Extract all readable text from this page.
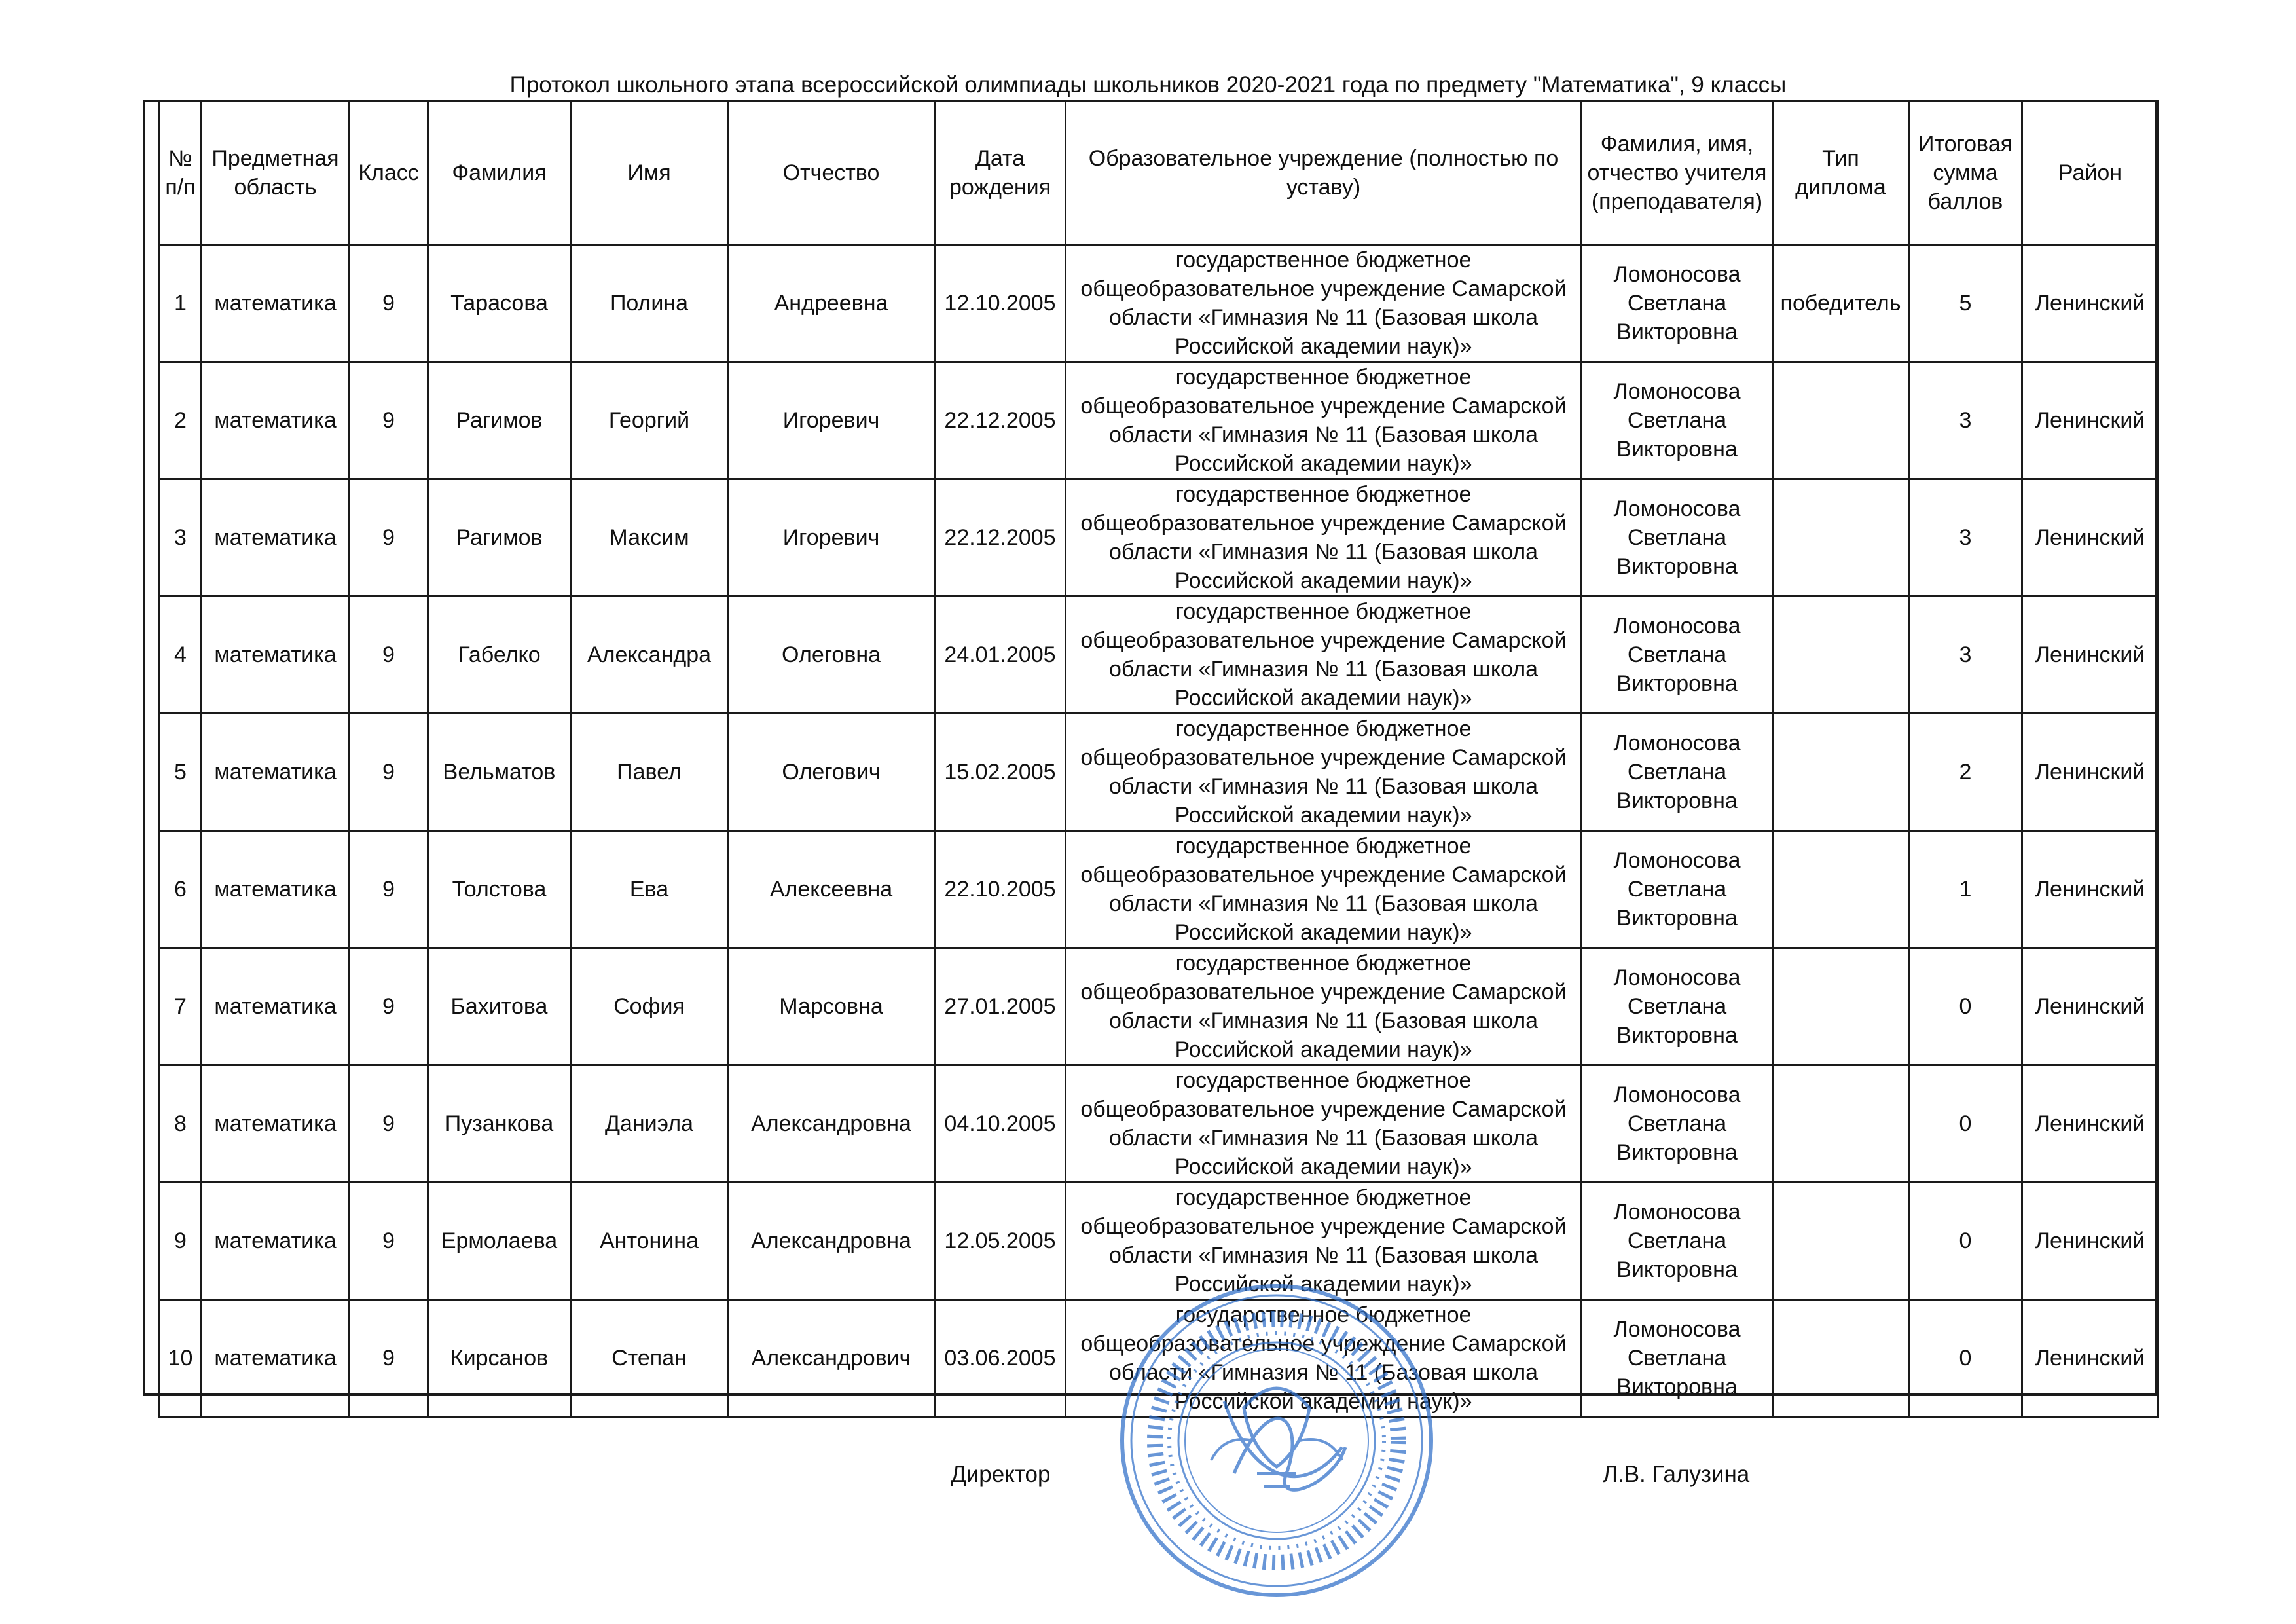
Протокол школьного этапа всероссийской олимпиады школьников 2020-2021 года по предмету "Математика", 9 классы
№ п/п	Предметная область	Класс	Фамилия	Имя	Отчество	Дата рождения	Образовательное учреждение (полностью по уставу)	Фамилия, имя, отчество учителя (преподавателя)	Тип диплома	Итоговая сумма баллов	Район
1	математика	9	Тарасова	Полина	Андреевна	12.10.2005	государственное бюджетное общеобразовательное учреждение Самарской области «Гимназия № 11 (Базовая школа Российской академии наук)»	Ломоносова Светлана Викторовна	победитель	5	Ленинский
2	математика	9	Рагимов	Георгий	Игоревич	22.12.2005	государственное бюджетное общеобразовательное учреждение Самарской области «Гимназия № 11 (Базовая школа Российской академии наук)»	Ломоносова Светлана Викторовна		3	Ленинский
3	математика	9	Рагимов	Максим	Игоревич	22.12.2005	государственное бюджетное общеобразовательное учреждение Самарской области «Гимназия № 11 (Базовая школа Российской академии наук)»	Ломоносова Светлана Викторовна		3	Ленинский
4	математика	9	Габелко	Александра	Олеговна	24.01.2005	государственное бюджетное общеобразовательное учреждение Самарской области «Гимназия № 11 (Базовая школа Российской академии наук)»	Ломоносова Светлана Викторовна		3	Ленинский
5	математика	9	Вельматов	Павел	Олегович	15.02.2005	государственное бюджетное общеобразовательное учреждение Самарской области «Гимназия № 11 (Базовая школа Российской академии наук)»	Ломоносова Светлана Викторовна		2	Ленинский
6	математика	9	Толстова	Ева	Алексеевна	22.10.2005	государственное бюджетное общеобразовательное учреждение Самарской области «Гимназия № 11 (Базовая школа Российской академии наук)»	Ломоносова Светлана Викторовна		1	Ленинский
7	математика	9	Бахитова	София	Марсовна	27.01.2005	государственное бюджетное общеобразовательное учреждение Самарской области «Гимназия № 11 (Базовая школа Российской академии наук)»	Ломоносова Светлана Викторовна		0	Ленинский
8	математика	9	Пузанкова	Даниэла	Александровна	04.10.2005	государственное бюджетное общеобразовательное учреждение Самарской области «Гимназия № 11 (Базовая школа Российской академии наук)»	Ломоносова Светлана Викторовна		0	Ленинский
9	математика	9	Ермолаева	Антонина	Александровна	12.05.2005	государственное бюджетное общеобразовательное учреждение Самарской области «Гимназия № 11 (Базовая школа Российской академии наук)»	Ломоносова Светлана Викторовна		0	Ленинский
10	математика	9	Кирсанов	Степан	Александрович	03.06.2005	государственное бюджетное общеобразовательное учреждение Самарской области «Гимназия № 11 (Базовая школа Российской академии наук)»	Ломоносова Светлана Викторовна		0	Ленинский
Директор	Л.В. Галузина
